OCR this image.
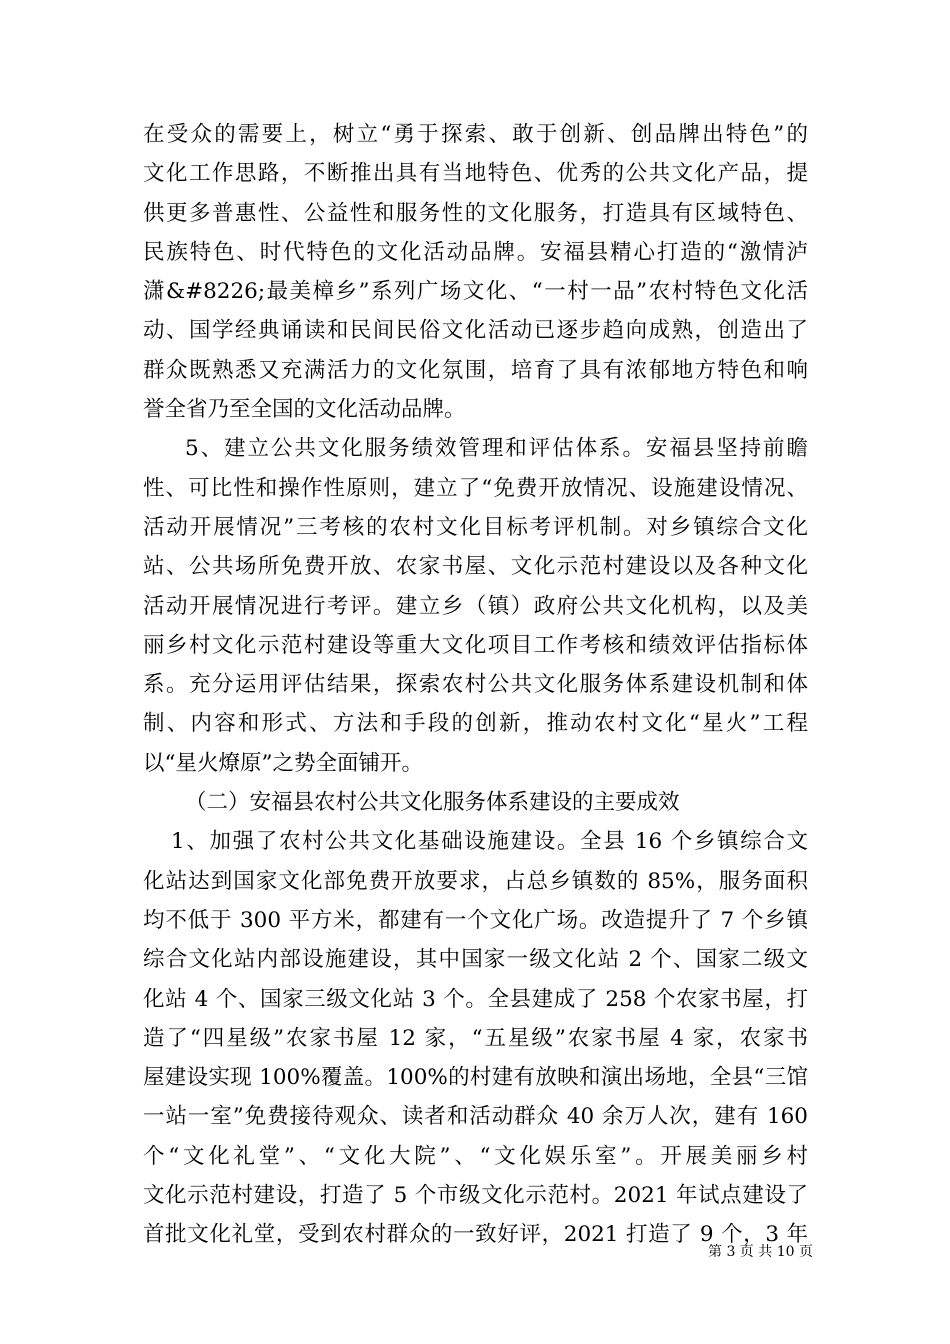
在受众的需要上，树立“勇于探索、敢于创新、创品牌出特色”的
文化工作思路，不断推出具有当地特色、优秀的公共文化产品，提
供更多普惠性、公益性和服务性的文化服务，打造具有区域特色、
民族特色、时代特色的文化活动品牌。安福县精心打造的“激情泸
潇&#8226;最美樟乡”系列广场文化、“一村一品”农村特色文化活
动、国学经典诵读和民间民俗文化活动已逐步趋向成熟，创造出了
群众既熟悉又充满活力的文化氛围，培育了具有浓郁地方特色和响
誉全省乃至全国的文化活动品牌。
5、建立公共文化服务绩效管理和评估体系。安福县坚持前瞻
性、可比性和操作性原则，建立了“免费开放情况、设施建设情况、
活动开展情况”三考核的农村文化目标考评机制。对乡镇综合文化
站、公共场所免费开放、农家书屋、文化示范村建设以及各种文化
活动开展情况进行考评。建立乡（镇）政府公共文化机构，以及美
丽乡村文化示范村建设等重大文化项目工作考核和绩效评估指标体
系。充分运用评估结果，探索农村公共文化服务体系建设机制和体
制、内容和形式、方法和手段的创新，推动农村文化“星火”工程
以“星火燎原”之势全面铺开。
（二）安福县农村公共文化服务体系建设的主要成效
1、加强了农村公共文化基础设施建设。全县 16 个乡镇综合文
化站达到国家文化部免费开放要求，占总乡镇数的 85%，服务面积
均不低于 300 平方米，都建有一个文化广场。改造提升了 7 个乡镇
综合文化站内部设施建设，其中国家一级文化站 2 个、国家二级文
化站 4 个、国家三级文化站 3 个。全县建成了 258 个农家书屋，打
造了“四星级”农家书屋 12 家，“五星级”农家书屋 4 家，农家书
屋建设实现 100%覆盖。100%的村建有放映和演出场地，全县“三馆
一站一室”免费接待观众、读者和活动群众 40 余万人次，建有 160
个“文化礼堂”、“文化大院”、“文化娱乐室”。开展美丽乡村
文化示范村建设，打造了 5 个市级文化示范村。2021 年试点建设了
首批文化礼堂，受到农村群众的一致好评，2021 打造了 9 个，3 年
第 3 页 共 10 页
